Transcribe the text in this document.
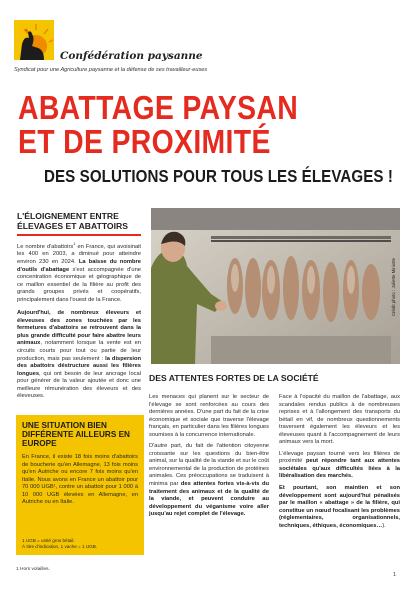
Confédération paysanne
Syndicat pour une Agriculture paysanne et la défense de ses travailleur·euses
ABATTAGE PAYSAN
ET DE PROXIMITÉ
DES SOLUTIONS POUR TOUS LES ÉLEVAGES !
L'ÉLOIGNEMENT ENTRE
ÉLEVAGES ET ABATTOIRS

Le nombre d'abattoirs$^1$ en France, qui avoisinait les 400 en 2003, a diminué pour atteindre environ 230 en 2024. La baisse du nombre d'outils d'abattage s'est accompagnée d'une concentration économique et géographique de ce maillon essentiel de la filière au profit des grands groupes privés et coopératifs, principalement dans l'ouest de la France.

Aujourd'hui, de nombreux éleveurs et éleveuses des zones touchées par les fermetures d'abattoirs se retrouvent dans la plus grande difficulté pour faire abattre leurs animaux, notamment lorsque la vente est en circuits courts pour tout ou partie de leur production, mais pas seulement : la dispersion des abattoirs déstructure aussi les filières longues, qui ont besoin de leur ancrage local pour générer de la valeur ajoutée et donc une meilleure rémunération des éleveurs et des éleveuses.

UNE SITUATION BIEN
DIFFÉRENTE AILLEURS EN
EUROPE
En France, il existe 18 fois moins d'abattoirs de boucherie qu'en Allemagne, 13 fois moins qu'en Autriche ou encore 7 fois moins qu'en Italie. Nous avons en France un abattoir pour 70 000 UGB¹, contre un abattoir pour 1 000 à 10 000 UGB élevées en Allemagne, en Autriche ou en Italie.
1 UGB = unité gros bétail.
À titre d'indication, 1 vache = 1 UGB.
1 Hors volailles.
Crédit photo : Juliette Miniotte
DES ATTENTES FORTES DE LA SOCIÉTÉ

Les menaces qui planent sur le secteur de l'élevage se sont renforcées au cours des dernières années. D'une part du fait de la crise économique et sociale que traverse l'élevage français, en particulier dans les filières longues soumises à la concurrence internationale.

D'autre part, du fait de l'attention citoyenne croissante sur les questions du bien-être animal, sur la qualité de la viande et sur le coût environnemental de la production de protéines animales. Ces préoccupations se traduisent à minima par des attentes fortes vis-à-vis du traitement des animaux et de la qualité de la viande, et peuvent conduire au développement du véganisme voire aller jusqu'au rejet complet de l'élevage.

Face à l'opacité du maillon de l'abattage, aux scandales rendus publics à de nombreuses reprises et à l'allongement des transports du bétail en vif, de nombreux questionnements traversent également les éleveurs et les éleveuses quant à l'accompagnement de leurs animaux vers la mort.

L'élevage paysan tourné vers les filières de proximité peut répondre tant aux attentes sociétales qu'aux difficultés liées à la libéralisation des marchés.

Et pourtant, son maintien et son développement sont aujourd'hui pénalisés par le maillon « abattage » de la filière, qui constitue un nœud focalisant les problèmes (réglementaires, organisationnels, techniques, éthiques, économiques…).

1
